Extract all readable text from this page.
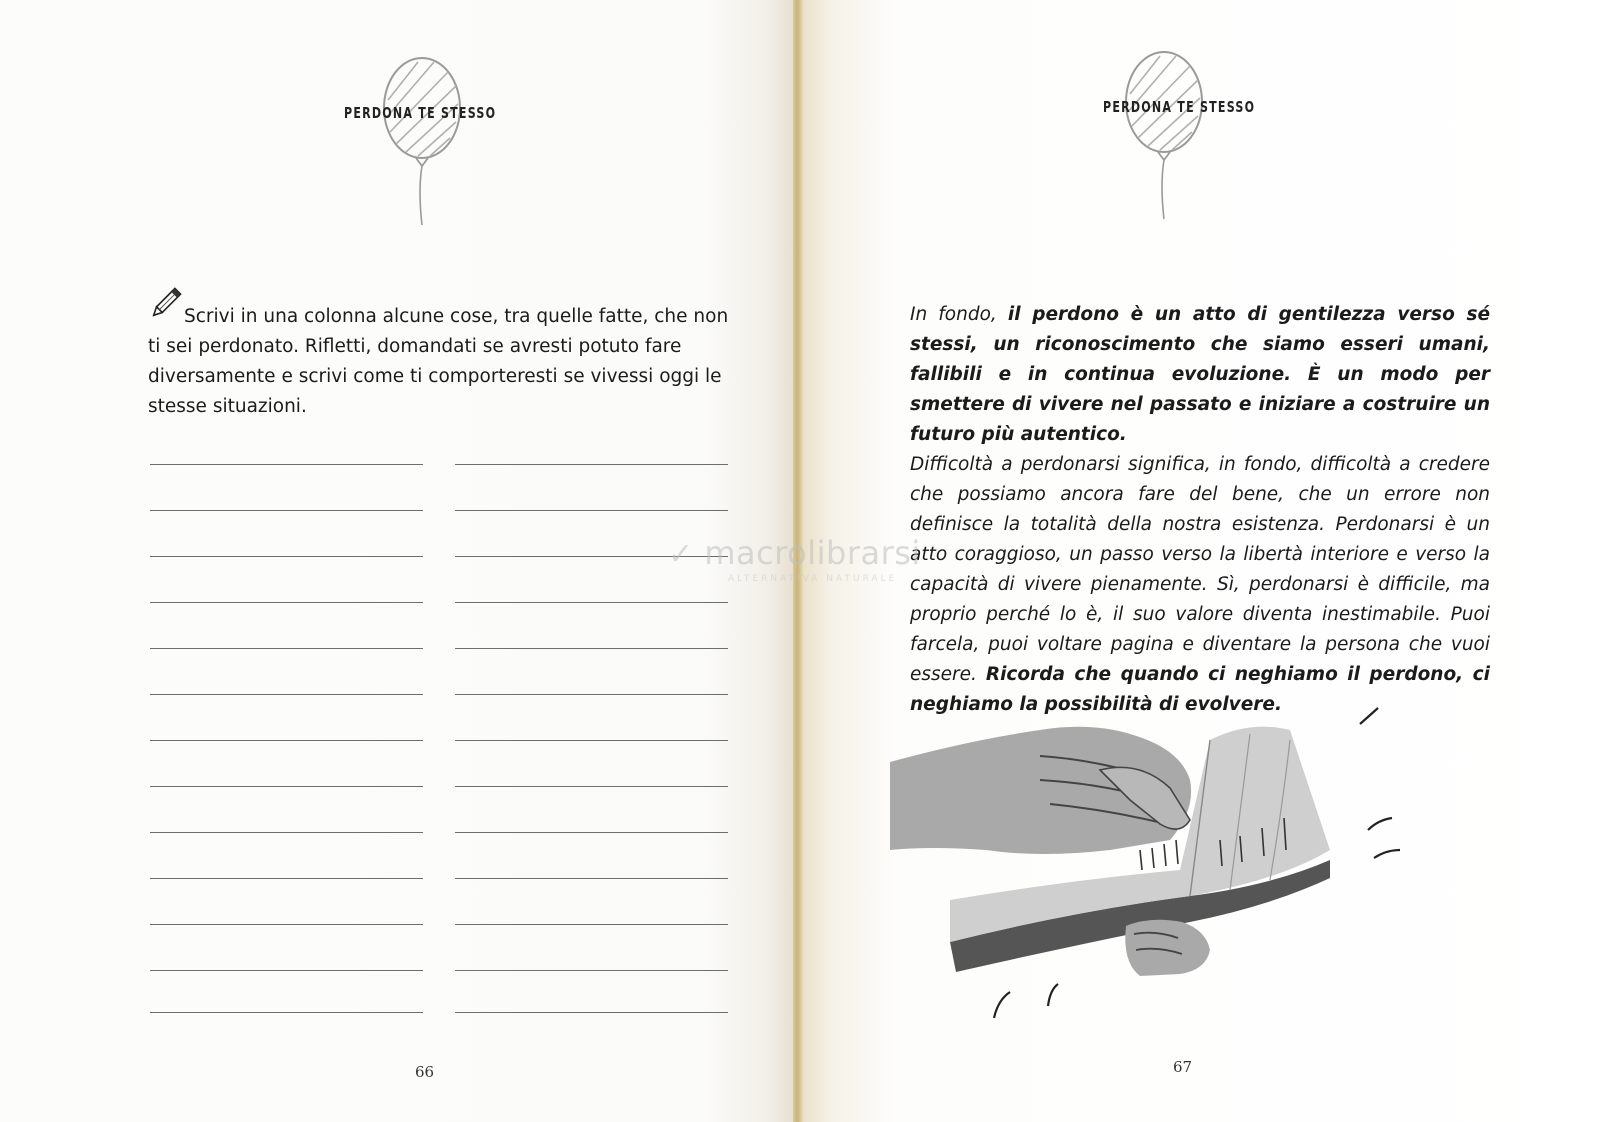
PERDONA TE STESSO

Scrivi in una colonna alcune cose, tra quelle fatte, che non ti sei perdonato. Rifletti, domandati se avresti potuto fare diversamente e scrivi come ti comporteresti se vivessi oggi le stesse situazioni.

66
PERDONA TE STESSO
67

In fondo, il perdono è un atto di gentilezza verso sé stessi, un riconoscimento che siamo esseri umani, fallibili e in continua evoluzione. È un modo per smettere di vivere nel passato e iniziare a costruire un futuro più autentico.

Difficoltà a perdonarsi significa, in fondo, difficoltà a credere che possiamo ancora fare del bene, che un errore non definisce la totalità della nostra esistenza. Perdonarsi è un atto coraggioso, un passo verso la libertà interiore e verso la capacità di vivere pienamente. Sì, perdonarsi è difficile, ma proprio perché lo è, il suo valore diventa inestimabile. Puoi farcela, puoi voltare pagina e diventare la persona che vuoi essere. Ricorda che quando ci neghiamo il perdono, ci neghiamo la possibilità di evolvere.

✓ macrolibrarsi
ALTERNATIVA NATURALE
